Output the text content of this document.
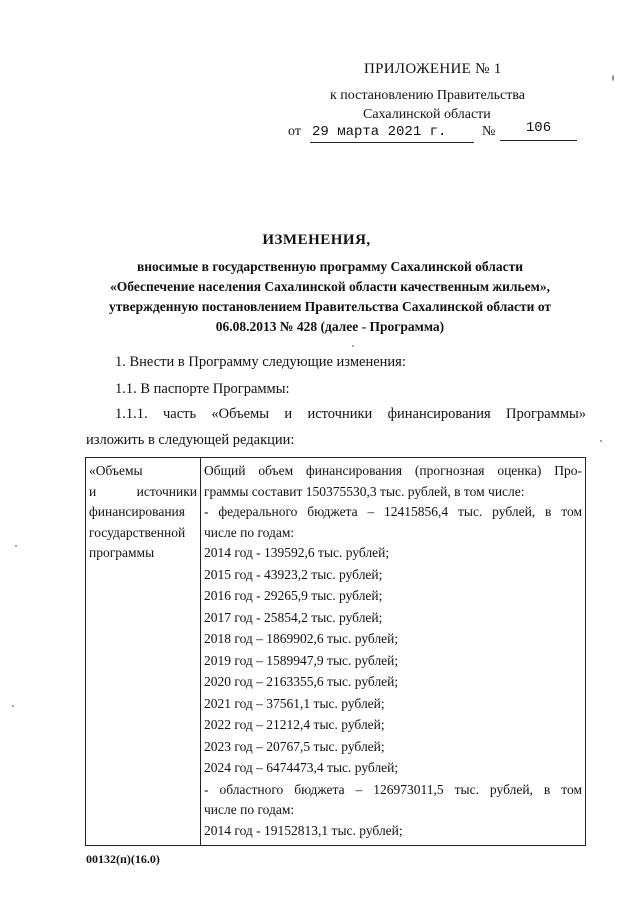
ПРИЛОЖЕНИЕ № 1
к постановлению Правительства
Сахалинской области
от 29 марта 2021 г.	№	106
ИЗМЕНЕНИЯ,
вносимые в государственную программу Сахалинской области «Обеспечение населения Сахалинской области качественным жильем», утвержденную постановлением Правительства Сахалинской области от 06.08.2013 № 428 (далее - Программа)
1. Внести в Программу следующие изменения:
1.1. В паспорте Программы:
1.1.1. часть «Объемы и источники финансирования Программы»
изложить в следующей редакции:
«Объемы
и источники
финансирования
государственной
программы

Общий объем финансирования (прогнозная оценка) Про-
граммы составит 150375530,3 тыс. рублей, в том числе:
- федерального бюджета – 12415856,4 тыс. рублей, в том
числе по годам:
2014 год - 139592,6 тыс. рублей;
2015 год - 43923,2 тыс. рублей;
2016 год - 29265,9 тыс. рублей;
2017 год - 25854,2 тыс. рублей;
2018 год – 1869902,6 тыс. рублей;
2019 год – 1589947,9 тыс. рублей;
2020 год – 2163355,6 тыс. рублей;
2021 год – 37561,1 тыс. рублей;
2022 год – 21212,4 тыс. рублей;
2023 год – 20767,5 тыс. рублей;
2024 год – 6474473,4 тыс. рублей;
- областного бюджета – 126973011,5 тыс. рублей, в том
числе по годам:
2014 год - 19152813,1 тыс. рублей;
00132(п)(16.0)
